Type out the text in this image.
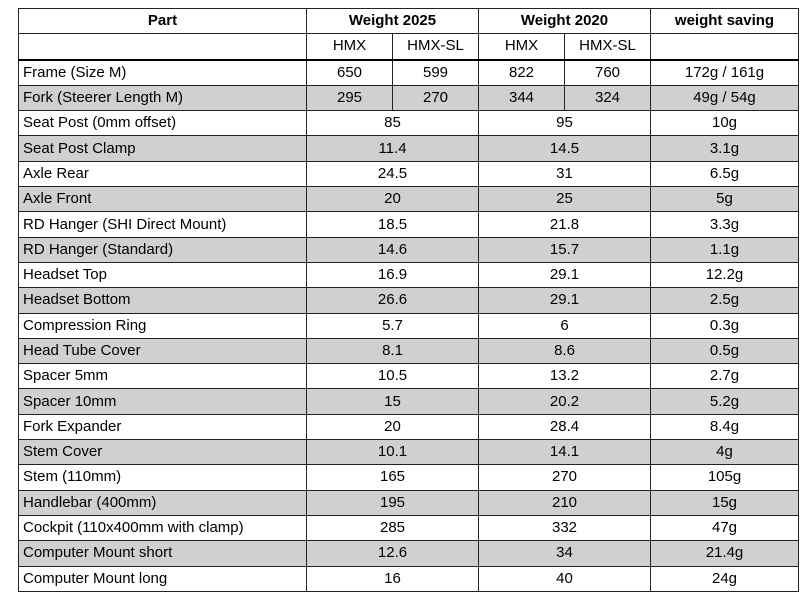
Part	Weight 2025		Weight 2020		weight saving
	HMX	HMX-SL	HMX	HMX-SL	
Frame (Size M)	650	599	822	760	172g / 161g
Fork (Steerer Length M)	295	270	344	324	49g / 54g
Seat Post (0mm offset)	85		95		10g
Seat Post Clamp	11.4		14.5		3.1g
Axle Rear	24.5		31		6.5g
Axle Front	20		25		5g
RD Hanger (SHI Direct Mount)	18.5		21.8		3.3g
RD Hanger (Standard)	14.6		15.7		1.1g
Headset Top	16.9		29.1		12.2g
Headset Bottom	26.6		29.1		2.5g
Compression Ring	5.7		6		0.3g
Head Tube Cover	8.1		8.6		0.5g
Spacer 5mm	10.5		13.2		2.7g
Spacer 10mm	15		20.2		5.2g
Fork Expander	20		28.4		8.4g
Stem Cover	10.1		14.1		4g
Stem (110mm)	165		270		105g
Handlebar (400mm)	195		210		15g
Cockpit (110x400mm with clamp)	285		332		47g
Computer Mount short	12.6		34		21.4g
Computer Mount long	16		40		24g
